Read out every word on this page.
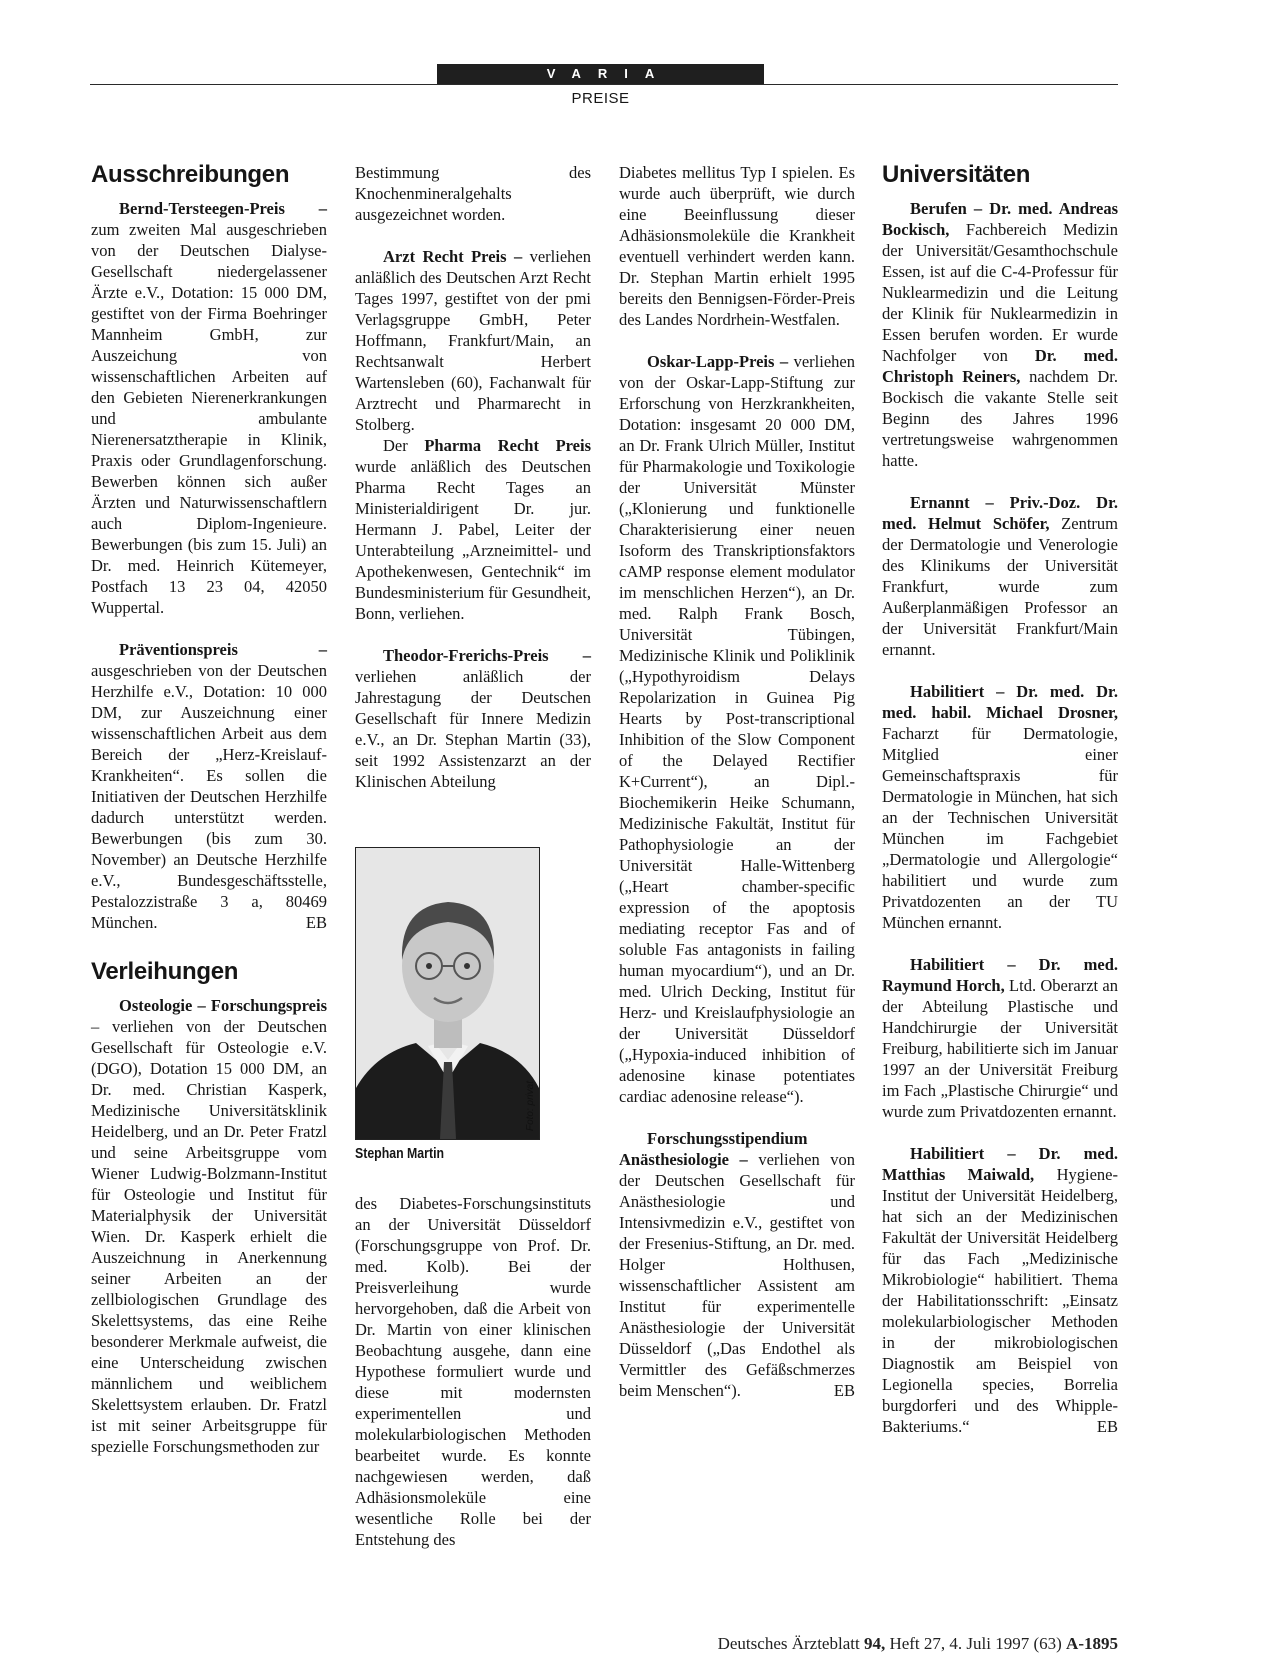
VARIA
PREISE
Ausschreibungen

Bernd-Tersteegen-Preis – zum zweiten Mal ausgeschrieben von der Deutschen Dialyse-Gesellschaft niedergelassener Ärzte e.V., Dotation: 15 000 DM, gestiftet von der Firma Boehringer Mannheim GmbH, zur Auszeichung von wissenschaftlichen Arbeiten auf den Gebieten Nierenerkrankungen und ambulante Nierenersatztherapie in Klinik, Praxis oder Grundlagenforschung. Bewerben können sich außer Ärzten und Naturwissenschaftlern auch Diplom-Ingenieure. Bewerbungen (bis zum 15. Juli) an Dr. med. Heinrich Kütemeyer, Postfach 13 23 04, 42050 Wuppertal.

Präventionspreis – ausgeschrieben von der Deutschen Herzhilfe e.V., Dotation: 10 000 DM, zur Auszeichnung einer wissenschaftlichen Arbeit aus dem Bereich der „Herz-Kreislauf-Krankheiten“. Es sollen die Initiativen der Deutschen Herzhilfe dadurch unterstützt werden. Bewerbungen (bis zum 30. November) an Deutsche Herzhilfe e.V., Bundesgeschäftsstelle, Pestalozzistraße 3 a, 80469 München.	EB

Verleihungen

Osteologie – Forschungspreis – verliehen von der Deutschen Gesellschaft für Osteologie e.V. (DGO), Dotation 15 000 DM, an Dr. med. Christian Kasperk, Medizinische Universitätsklinik Heidelberg, und an Dr. Peter Fratzl und seine Arbeitsgruppe vom Wiener Ludwig-Bolzmann-Institut für Osteologie und Institut für Materialphysik der Universität Wien. Dr. Kasperk erhielt die Auszeichnung in Anerkennung seiner Arbeiten an der zellbiologischen Grundlage des Skelettsystems, das eine Reihe besonderer Merkmale aufweist, die eine Unterscheidung zwischen männlichem und weiblichem Skelettsystem erlauben. Dr. Fratzl ist mit seiner Arbeitsgruppe für spezielle Forschungsmethoden zur

Bestimmung des Knochenmineralgehalts ausgezeichnet worden.

Arzt Recht Preis – verliehen anläßlich des Deutschen Arzt Recht Tages 1997, gestiftet von der pmi Verlagsgruppe GmbH, Peter Hoffmann, Frankfurt/Main, an Rechtsanwalt Herbert Wartensleben (60), Fachanwalt für Arztrecht und Pharmarecht in Stolberg.

Der Pharma Recht Preis wurde anläßlich des Deutschen Pharma Recht Tages an Ministerialdirigent Dr. jur. Hermann J. Pabel, Leiter der Unterabteilung „Arzneimittel- und Apothekenwesen, Gentechnik“ im Bundesministerium für Gesundheit, Bonn, verliehen.

Theodor-Frerichs-Preis – verliehen anläßlich der Jahrestagung der Deutschen Gesellschaft für Innere Medizin e.V., an Dr. Stephan Martin (33), seit 1992 Assistenzarzt an der Klinischen Abteilung

Foto: privat
Stephan Martin

des Diabetes-Forschungsinstituts an der Universität Düsseldorf (Forschungsgruppe von Prof. Dr. med. Kolb). Bei der Preisverleihung wurde hervorgehoben, daß die Arbeit von Dr. Martin von einer klinischen Beobachtung ausgehe, dann eine Hypothese formuliert wurde und diese mit modernsten experimentellen und molekularbiologischen Methoden bearbeitet wurde. Es konnte nachgewiesen werden, daß Adhäsionsmoleküle eine wesentliche Rolle bei der Entstehung des

Diabetes mellitus Typ I spielen. Es wurde auch überprüft, wie durch eine Beeinflussung dieser Adhäsionsmoleküle die Krankheit eventuell verhindert werden kann. Dr. Stephan Martin erhielt 1995 bereits den Bennigsen-Förder-Preis des Landes Nordrhein-Westfalen.

Oskar-Lapp-Preis – verliehen von der Oskar-Lapp-Stiftung zur Erforschung von Herzkrankheiten, Dotation: insgesamt 20 000 DM, an Dr. Frank Ulrich Müller, Institut für Pharmakologie und Toxikologie der Universität Münster („Klonierung und funktionelle Charakterisierung einer neuen Isoform des Transkriptionsfaktors cAMP response element modulator im menschlichen Herzen“), an Dr. med. Ralph Frank Bosch, Universität Tübingen, Medizinische Klinik und Poliklinik („Hypothyroidism Delays Repolarization in Guinea Pig Hearts by Post-transcriptional Inhibition of the Slow Component of the Delayed Rectifier K+Current“), an Dipl.-Biochemikerin Heike Schumann, Medizinische Fakultät, Institut für Pathophysiologie an der Universität Halle-Wittenberg („Heart chamber-specific expression of the apoptosis mediating receptor Fas and of soluble Fas antagonists in failing human myocardium“), und an Dr. med. Ulrich Decking, Institut für Herz- und Kreislaufphysiologie an der Universität Düsseldorf („Hypoxia-induced inhibition of adenosine kinase potentiates cardiac adenosine release“).

Forschungsstipendium Anästhesiologie – verliehen von der Deutschen Gesellschaft für Anästhesiologie und Intensivmedizin e.V., gestiftet von der Fresenius-Stiftung, an Dr. med. Holger Holthusen, wissenschaftlicher Assistent am Institut für experimentelle Anästhesiologie der Universität Düsseldorf („Das Endothel als Vermittler des Gefäßschmerzes beim Menschen“).	EB

Universitäten

Berufen – Dr. med. Andreas Bockisch, Fachbereich Medizin der Universität/Gesamthochschule Essen, ist auf die C-4-Professur für Nuklearmedizin und die Leitung der Klinik für Nuklearmedizin in Essen berufen worden. Er wurde Nachfolger von Dr. med. Christoph Reiners, nachdem Dr. Bockisch die vakante Stelle seit Beginn des Jahres 1996 vertretungsweise wahrgenommen hatte.

Ernannt – Priv.-Doz. Dr. med. Helmut Schöfer, Zentrum der Dermatologie und Venerologie des Klinikums der Universität Frankfurt, wurde zum Außerplanmäßigen Professor an der Universität Frankfurt/Main ernannt.

Habilitiert – Dr. med. Dr. med. habil. Michael Drosner, Facharzt für Dermatologie, Mitglied einer Gemeinschaftspraxis für Dermatologie in München, hat sich an der Technischen Universität München im Fachgebiet „Dermatologie und Allergologie“ habilitiert und wurde zum Privatdozenten an der TU München ernannt.

Habilitiert – Dr. med. Raymund Horch, Ltd. Oberarzt an der Abteilung Plastische und Handchirurgie der Universität Freiburg, habilitierte sich im Januar 1997 an der Universität Freiburg im Fach „Plastische Chirurgie“ und wurde zum Privatdozenten ernannt.

Habilitiert – Dr. med. Matthias Maiwald, Hygiene-Institut der Universität Heidelberg, hat sich an der Medizinischen Fakultät der Universität Heidelberg für das Fach „Medizinische Mikrobiologie“ habilitiert. Thema der Habilitationsschrift: „Einsatz molekularbiologischer Methoden in der mikrobiologischen Diagnostik am Beispiel von Legionella species, Borrelia burgdorferi und des Whipple-Bakteriums.“	EB

Deutsches Ärzteblatt 94, Heft 27, 4. Juli 1997 (63) A-1895
